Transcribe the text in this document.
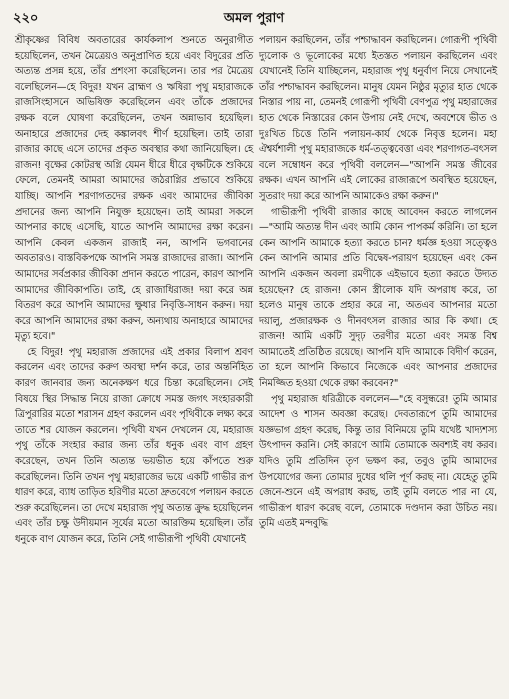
২২০	অমল পুরাণ

শ্রীকৃষ্ণের বিবিধ অবতারের কার্যকলাপ শুনতে অনুরাগীত হয়েছিলেন, তখন মৈত্রেয়ও অনুপ্রাণিত হয়ে এবং বিদুরের প্রতি অত্যন্ত প্রসন্ন হয়ে, তাঁর প্রশংসা করেছিলেন। তার পর মৈত্রেয় বলেছিলেন—হে বিদুর! যখন ব্রাহ্মণ ও ঋষিরা পৃথু মহারাজকে রাজসিংহাসনে অভিষিক্ত করেছিলেন এবং তাঁকে প্রজাদের রক্ষক বলে ঘোষণা করেছিলেন, তখন অন্নাভাব হয়েছিল। অনাহারে প্রজাদের দেহ কঙ্কালবৎ শীর্ণ হয়েছিল। তাই তারা রাজার কাছে এসে তাদের প্রকৃত অবস্থার কথা জানিয়েছিল। হে রাজন! বৃক্ষের কোটরস্থ অগ্নি যেমন ধীরে ধীরে বৃক্ষটিকে শুকিয়ে ফেলে, তেমনই আমরা আমাদের জঠরাগ্নির প্রভাবে শুকিয়ে যাচ্ছি। আপনি শরণাগতদের রক্ষক এবং আমাদের জীবিকা প্রদানের জন্য আপনি নিযুক্ত হয়েছেন। তাই আমরা সকলে আপনার কাছে এসেছি, যাতে আপনি আমাদের রক্ষা করেন। আপনি কেবল একজন রাজাই নন, আপনি ভগবানের অবতারও। বাস্তবিকপক্ষে আপনি সমস্ত রাজাদের রাজা। আপনি আমাদের সর্বপ্রকার জীবিকা প্রদান করতে পারেন, কারণ আপনি আমাদের জীবিকাপতি। তাই, হে রাজাধিরাজ! দয়া করে অন্ন বিতরণ করে আপনি আমাদের ক্ষুধার নিবৃত্তি-সাধন করুন। দয়া করে আপনি আমাদের রক্ষা করুন, অন্যথায় অনাহারে আমাদের মৃত্যু হবে।"

হে বিদুর! পৃথু মহারাজ প্রজাদের এই প্রকার বিলাপ শ্রবণ করলেন এবং তাদের করুণ অবস্থা দর্শন করে, তার অন্তর্নিহিত কারণ জানবার জন্য অনেকক্ষণ ধরে চিন্তা করেছিলেন। সেই বিষয়ে স্থির সিদ্ধান্ত নিয়ে রাজা ক্রোধে সমস্ত জগৎ সংহারকারী ত্রিপুরারির মতো শরাসন গ্রহণ করলেন এবং পৃথিবীকে লক্ষ্য করে তাতে শর যোজন করলেন। পৃথিবী যখন দেখলেন যে, মহারাজ পৃথু তাঁকে সংহার করার জন্য তাঁর ধনুক এবং বাণ গ্রহণ করেছেন, তখন তিনি অত্যন্ত ভয়ভীত হয়ে কাঁপতে শুরু করেছিলেন। তিনি তখন পৃথু মহারাজের ভয়ে একটি গাভীর রূপ ধারণ করে, ব্যাধ তাড়িত হরিণীর মতো দ্রুতবেগে পলায়ন করতে শুরু করেছিলেন। তা দেখে মহারাজ পৃথু অত্যন্ত ক্রুদ্ধ হয়েছিলেন এবং তাঁর চক্ষু উদীয়মান সূর্যের মতো আরক্তিম হয়েছিল। তাঁর ধনুকে বাণ যোজন করে, তিনি সেই গাভীরূপী পৃথিবী যেখানেই

পলায়ন করছিলেন, তাঁর পশ্চাদ্ধাবন করছিলেন। গোরূপী পৃথিবী দ্যুলোক ও ভূলোকের মধ্যে ইতস্তত পলায়ন করছিলেন এবং যেখানেই তিনি যাচ্ছিলেন, মহারাজ পৃথু ধনুর্বাণ নিয়ে সেখানেই তাঁর পশ্চাদ্ধাবন করছিলেন। মানুষ যেমন নিষ্ঠুর মৃত্যুর হাত থেকে নিস্তার পায় না, তেমনই গোরূপী পৃথিবী বেণপুত্র পৃথু মহারাজের হাত থেকে নিস্তারের কোন উপায় নেই দেখে, অবশেষে ভীত ও দুঃখিত চিত্তে তিনি পলায়ন-কার্য থেকে নিবৃত্ত হলেন। মহা ঐশ্বর্যশালী পৃথু মহারাজকে ধর্ম-তত্ত্ববেত্তা এবং শরণাগত-বৎসল বলে সম্বোধন করে পৃথিবী বললেন—"আপনি সমস্ত জীবের রক্ষক। এখন আপনি এই লোকের রাজারূপে অবস্থিত হয়েছেন, সুতরাং দয়া করে আপনি আমাকেও রক্ষা করুন।"

গাভীরূপী পৃথিবী রাজার কাছে আবেদন করতে লাগলেন—"আমি অত্যন্ত দীন এবং আমি কোন পাপকর্ম করিনি। তা হলে কেন আপনি আমাকে হত্যা করতে চান? ধর্মজ্ঞ হওয়া সত্ত্বেও কেন আপনি আমার প্রতি বিদ্বেষ-পরায়ণ হয়েছেন এবং কেন আপনি একজন অবলা রমণীকে এইভাবে হত্যা করতে উদ্যত হয়েছেন? হে রাজন! কোন স্ত্রীলোক যদি অপরাধ করে, তা হলেও মানুষ তাকে প্রহার করে না, অতএব আপনার মতো দয়ালু, প্রজারক্ষক ও দীনবৎসল রাজার আর কি কথা। হে রাজন! আমি একটি সুদৃঢ় তরণীর মতো এবং সমস্ত বিশ্ব আমাতেই প্রতিষ্ঠিত রয়েছে। আপনি যদি আমাকে বিদীর্ণ করেন, তা হলে আপনি কিভাবে নিজেকে এবং আপনার প্রজাদের নিমজ্জিত হওয়া থেকে রক্ষা করবেন?"

পৃথু মহারাজ ধরিত্রীকে বললেন—"হে বসুন্ধরে! তুমি আমার আদেশ ও শাসন অবজ্ঞা করেছ। দেবতারূপে তুমি আমাদের যজ্ঞভাগ গ্রহণ করেছ, কিন্তু তার বিনিময়ে তুমি যথেষ্ট খাদ্যশস্য উৎপাদন করনি। সেই কারণে আমি তোমাকে অবশ্যই বধ করব। যদিও তুমি প্রতিদিন তৃণ ভক্ষণ কর, তবুও তুমি আমাদের উপযোগের জন্য তোমার দুধের থলি পূর্ণ করছ না। যেহেতু তুমি জেনে-শুনে এই অপরাধ করছ, তাই তুমি বলতে পার না যে, গাভীরূপ ধারণ করেছ বলে, তোমাকে দণ্ডদান করা উচিত নয়। তুমি এতই মন্দবুদ্ধি
